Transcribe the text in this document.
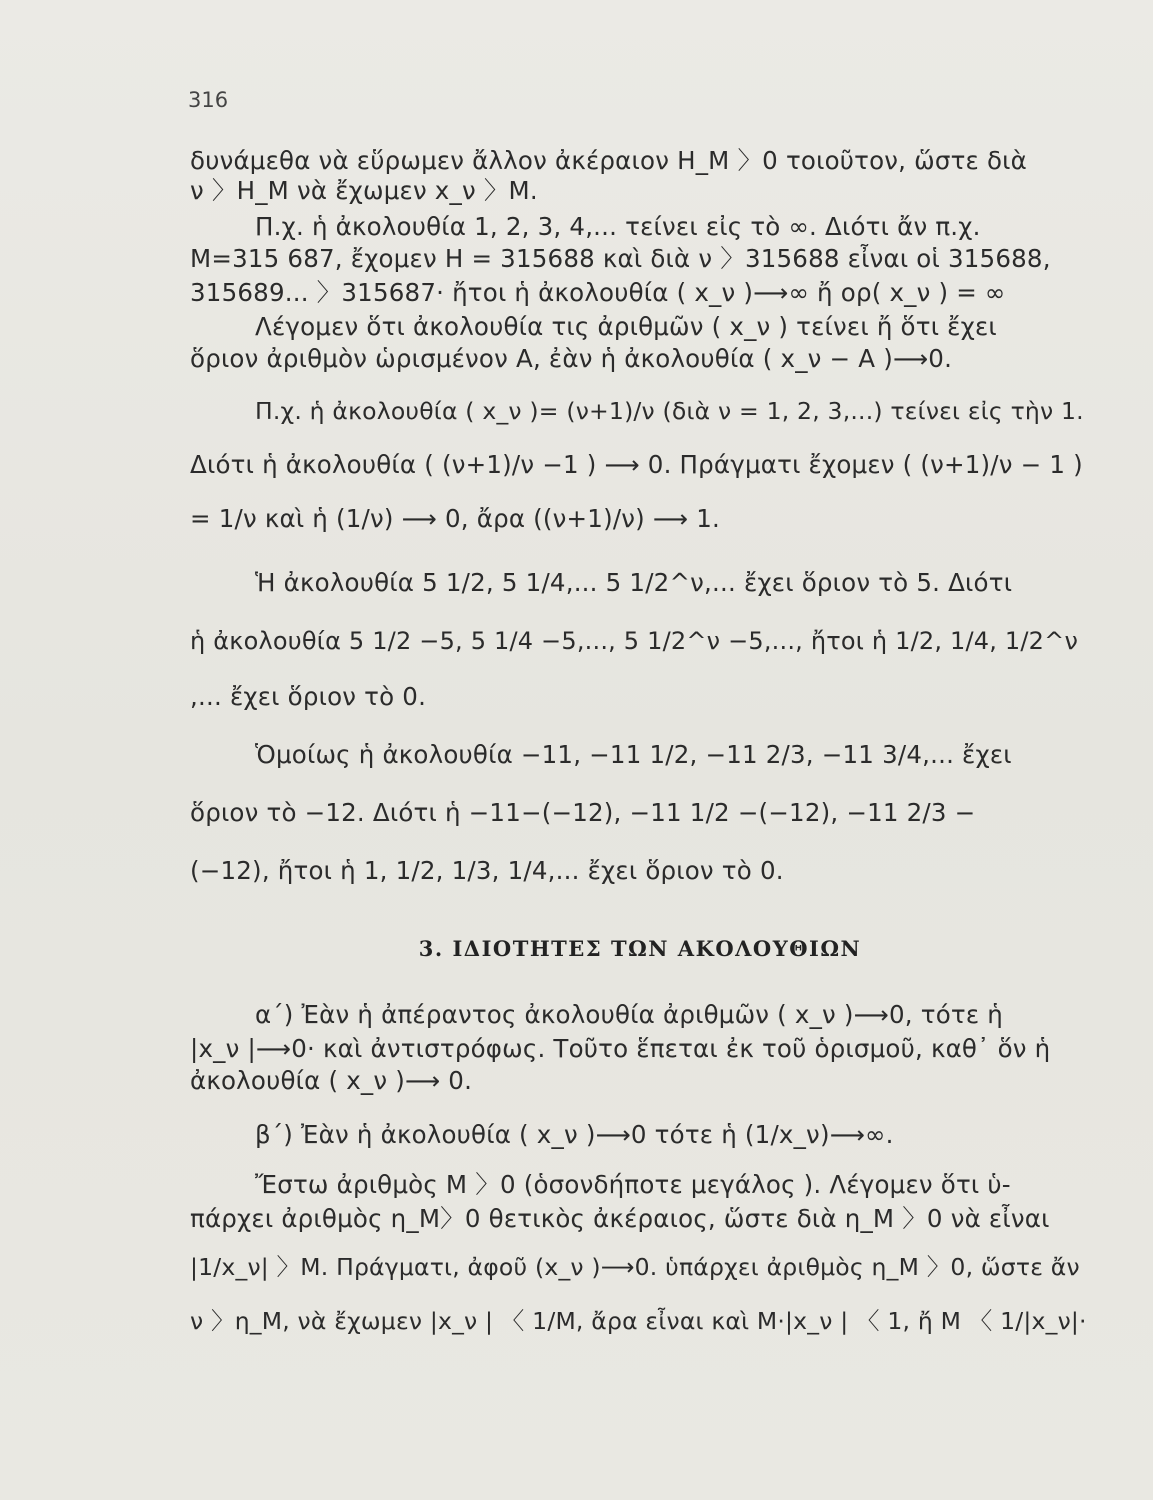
316
δυνάμεθα νὰ εὕρωμεν ἄλλον ἀκέραιον H_M 〉0 τοιοῦτον, ὥστε διὰ
ν 〉H_M νὰ ἔχωμεν x_ν 〉M.
Π.χ. ἡ ἀκολουθία 1, 2, 3, 4,... τείνει εἰς τὸ ∞. Διότι ἄν π.χ.
M=315 687, ἔχομεν H = 315688 καὶ διὰ ν 〉315688 εἶναι οἱ 315688,
315689... 〉315687· ἤτοι ἡ ἀκολουθία ( x_ν )⟶∞ ἤ ορ( x_ν ) = ∞
Λέγομεν ὅτι ἀκολουθία τις ἀριθμῶν ( x_ν ) τείνει ἤ ὅτι ἔχει
ὅριον ἀριθμὸν ὡρισμένον A, ἐὰν ἡ ἀκολουθία ( x_ν − A )⟶0.
Π.χ. ἡ ἀκολουθία ( x_ν )= (ν+1)/ν (διὰ ν = 1, 2, 3,...) τείνει εἰς τὴν 1.
Διότι ἡ ἀκολουθία ( (ν+1)/ν −1 ) ⟶ 0. Πράγματι ἔχομεν ( (ν+1)/ν − 1 )
= 1/ν καὶ ἡ (1/ν) ⟶ 0, ἄρα ((ν+1)/ν) ⟶ 1.
Ἡ ἀκολουθία 5 1/2, 5 1/4,... 5 1/2^ν,... ἔχει ὅριον τὸ 5. Διότι
ἡ ἀκολουθία 5 1/2 −5, 5 1/4 −5,..., 5 1/2^ν −5,..., ἤτοι ἡ 1/2, 1/4, 1/2^ν
,... ἔχει ὅριον τὸ 0.
Ὁμοίως ἡ ἀκολουθία −11, −11 1/2, −11 2/3, −11 3/4,... ἔχει
ὅριον τὸ −12. Διότι ἡ −11−(−12), −11 1/2 −(−12), −11 2/3 −
(−12), ἤτοι ἡ 1, 1/2, 1/3, 1/4,... ἔχει ὅριον τὸ 0.
3. ΙΔΙΟΤΗΤΕΣ ΤΩΝ ΑΚΟΛΟΥΘΙΩΝ
α΄) Ἐὰν ἡ ἀπέραντος ἀκολουθία ἀριθμῶν ( x_ν )⟶0, τότε ἡ
|x_ν |⟶0· καὶ ἀντιστρόφως. Τοῦτο ἕπεται ἐκ τοῦ ὁρισμοῦ, καθ᾽ ὅν ἡ
ἀκολουθία ( x_ν )⟶ 0.
β΄) Ἐὰν ἡ ἀκολουθία ( x_ν )⟶0 τότε ἡ (1/x_ν)⟶∞.
Ἔστω ἀριθμὸς M 〉0 (ὁσονδήποτε μεγάλος ). Λέγομεν ὅτι ὑ-
πάρχει ἀριθμὸς η_M〉0 θετικὸς ἀκέραιος, ὥστε διὰ η_M 〉0 νὰ εἶναι
|1/x_ν| 〉M. Πράγματι, ἀφοῦ (x_ν )⟶0. ὑπάρχει ἀριθμὸς η_M 〉0, ὥστε ἄν
ν 〉η_M, νὰ ἔχωμεν |x_ν | 〈 1/M, ἄρα εἶναι καὶ M·|x_ν | 〈 1, ἤ M 〈 1/|x_ν|·
